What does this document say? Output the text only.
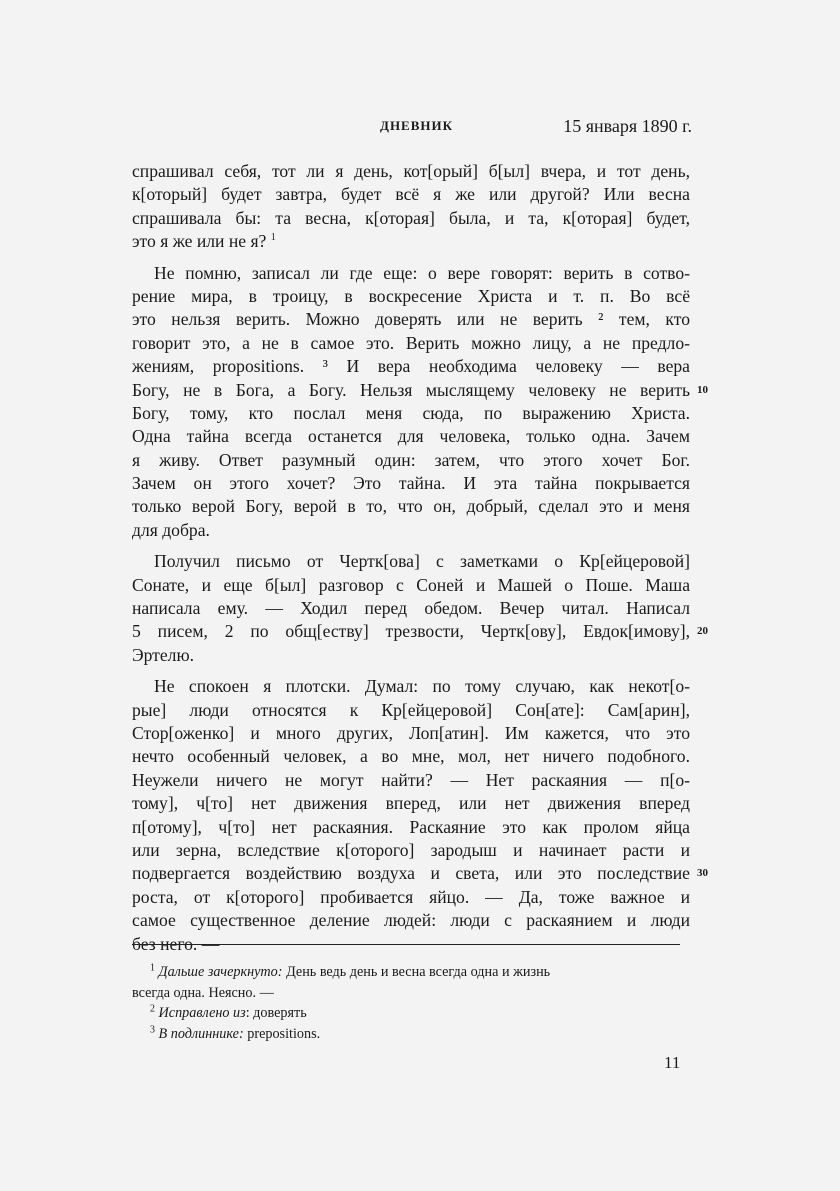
ДНЕВНИК	15 января 1890 г.
спрашивал себя, тот ли я день, кот[орый] б[ыл] вчера, и тот день,
к[оторый] будет завтра, будет всё я же или другой? Или весна
спрашивала бы: та весна, к[оторая] была, и та, к[оторая] будет,
это я же или не я? $^1$
Не помню, записал ли где еще: о вере говорят: верить в сотво-
рение мира, в троицу, в воскресение Христа и т. п. Во всё
это нельзя верить. Можно доверять или не верить ² тем, кто
говорит это, а не в самое это. Верить можно лицу, а не предло-
жениям, propositions. ³ И вера необходима человеку — вера
Богу, не в Бога, а Богу. Нельзя мыслящему человеку не верить
Богу, тому, кто послал меня сюда, по выражению Христа.
Одна тайна всегда останется для человека, только одна. Зачем
я живу. Ответ разумный один: затем, что этого хочет Бог.
Зачем он этого хочет? Это тайна. И эта тайна покрывается
только верой Богу, верой в то, что он, добрый, сделал это и меня
для добра.
Получил письмо от Чертк[ова] с заметками о Кр[ейцеровой]
Сонате, и еще б[ыл] разговор с Соней и Машей о Поше. Маша
написала ему. — Ходил перед обедом. Вечер читал. Написал
5 писем, 2 по общ[еству] трезвости, Чертк[ову], Евдок[имову],
Эртелю.
Не спокоен я плотски. Думал: по тому случаю, как некот[о-
рые] люди относятся к Кр[ейцеровой] Сон[ате]: Сам[арин],
Стор[оженко] и много других, Лоп[атин]. Им кажется, что это
нечто особенный человек, а во мне, мол, нет ничего подобного.
Неужели ничего не могут найти? — Нет раскаяния — п[о-
тому], ч[то] нет движения вперед, или нет движения вперед
п[отому], ч[то] нет раскаяния. Раскаяние это как пролом яйца
или зерна, вследствие к[оторого] зародыш и начинает расти и
подвергается воздействию воздуха и света, или это последствие
роста, от к[оторого] пробивается яйцо. — Да, тоже важное и
самое существенное деление людей: люди с раскаянием и люди
без него. —
10
20
30
$^1$ Дальше зачеркнуто: День ведь день и весна всегда одна и жизнь
всегда одна. Неясно. —
$^2$ Исправлено из: доверять
$^3$ В подлиннике: prepositions.
11
